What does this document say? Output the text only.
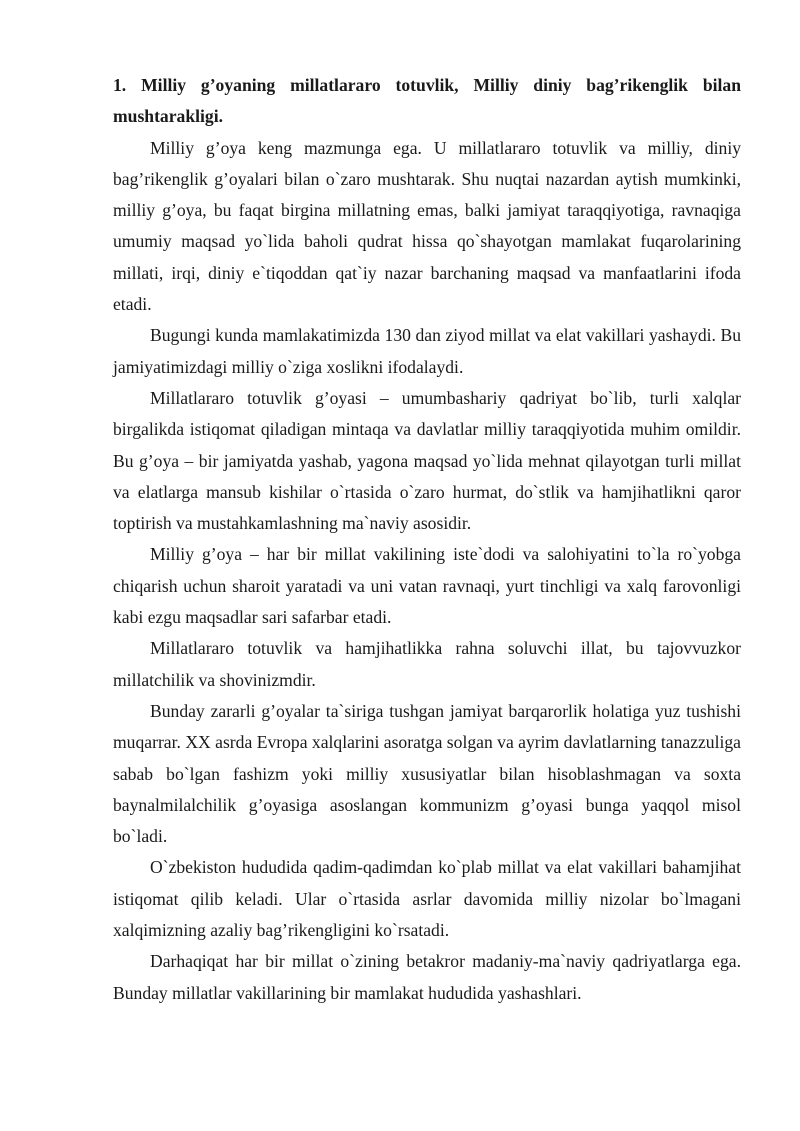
1. Milliy g’oyaning millatlararo totuvlik, Milliy diniy bag’rikenglik bilan mushtarakligi.

Milliy g’oya keng mazmunga ega. U millatlararo totuvlik va milliy, diniy bag’rikenglik g’oyalari bilan o`zaro mushtarak. Shu nuqtai nazardan aytish mumkinki, milliy g’oya, bu faqat birgina millatning emas, balki jamiyat taraqqiyotiga, ravnaqiga umumiy maqsad yo`lida baholi qudrat hissa qo`shayotgan mamlakat fuqarolarining millati, irqi, diniy e`tiqoddan qat`iy nazar barchaning maqsad va manfaatlarini ifoda etadi.

Bugungi kunda mamlakatimizda 130 dan ziyod millat va elat vakillari yashaydi. Bu jamiyatimizdagi milliy o`ziga xoslikni ifodalaydi.

Millatlararo totuvlik g’oyasi – umumbashariy qadriyat bo`lib, turli xalqlar birgalikda istiqomat qiladigan mintaqa va davlatlar milliy taraqqiyotida muhim omildir. Bu g’oya – bir jamiyatda yashab, yagona maqsad yo`lida mehnat qilayotgan turli millat va elatlarga mansub kishilar o`rtasida o`zaro hurmat, do`stlik va hamjihatlikni qaror toptirish va mustahkamlashning ma`naviy asosidir.

Milliy g’oya – har bir millat vakilining iste`dodi va salohiyatini to`la ro`yobga chiqarish uchun sharoit yaratadi va uni vatan ravnaqi, yurt tinchligi va xalq farovonligi kabi ezgu maqsadlar sari safarbar etadi.

Millatlararo totuvlik va hamjihatlikka rahna soluvchi illat, bu tajovvuzkor millatchilik va shovinizmdir.

Bunday zararli g’oyalar ta`siriga tushgan jamiyat barqarorlik holatiga yuz tushishi muqarrar. XX asrda Evropa xalqlarini asoratga solgan va ayrim davlatlarning tanazzuliga sabab bo`lgan fashizm yoki milliy xususiyatlar bilan hisoblashmagan va soxta baynalmilalchilik g’oyasiga asoslangan kommunizm g’oyasi bunga yaqqol misol bo`ladi.

O`zbekiston hududida qadim-qadimdan ko`plab millat va elat vakillari bahamjihat istiqomat qilib keladi. Ular o`rtasida asrlar davomida milliy nizolar bo`lmagani xalqimizning azaliy bag’rikengligini ko`rsatadi.

Darhaqiqat har bir millat o`zining betakror madaniy-ma`naviy qadriyatlarga ega. Bunday millatlar vakillarining bir mamlakat hududida yashashlari.
